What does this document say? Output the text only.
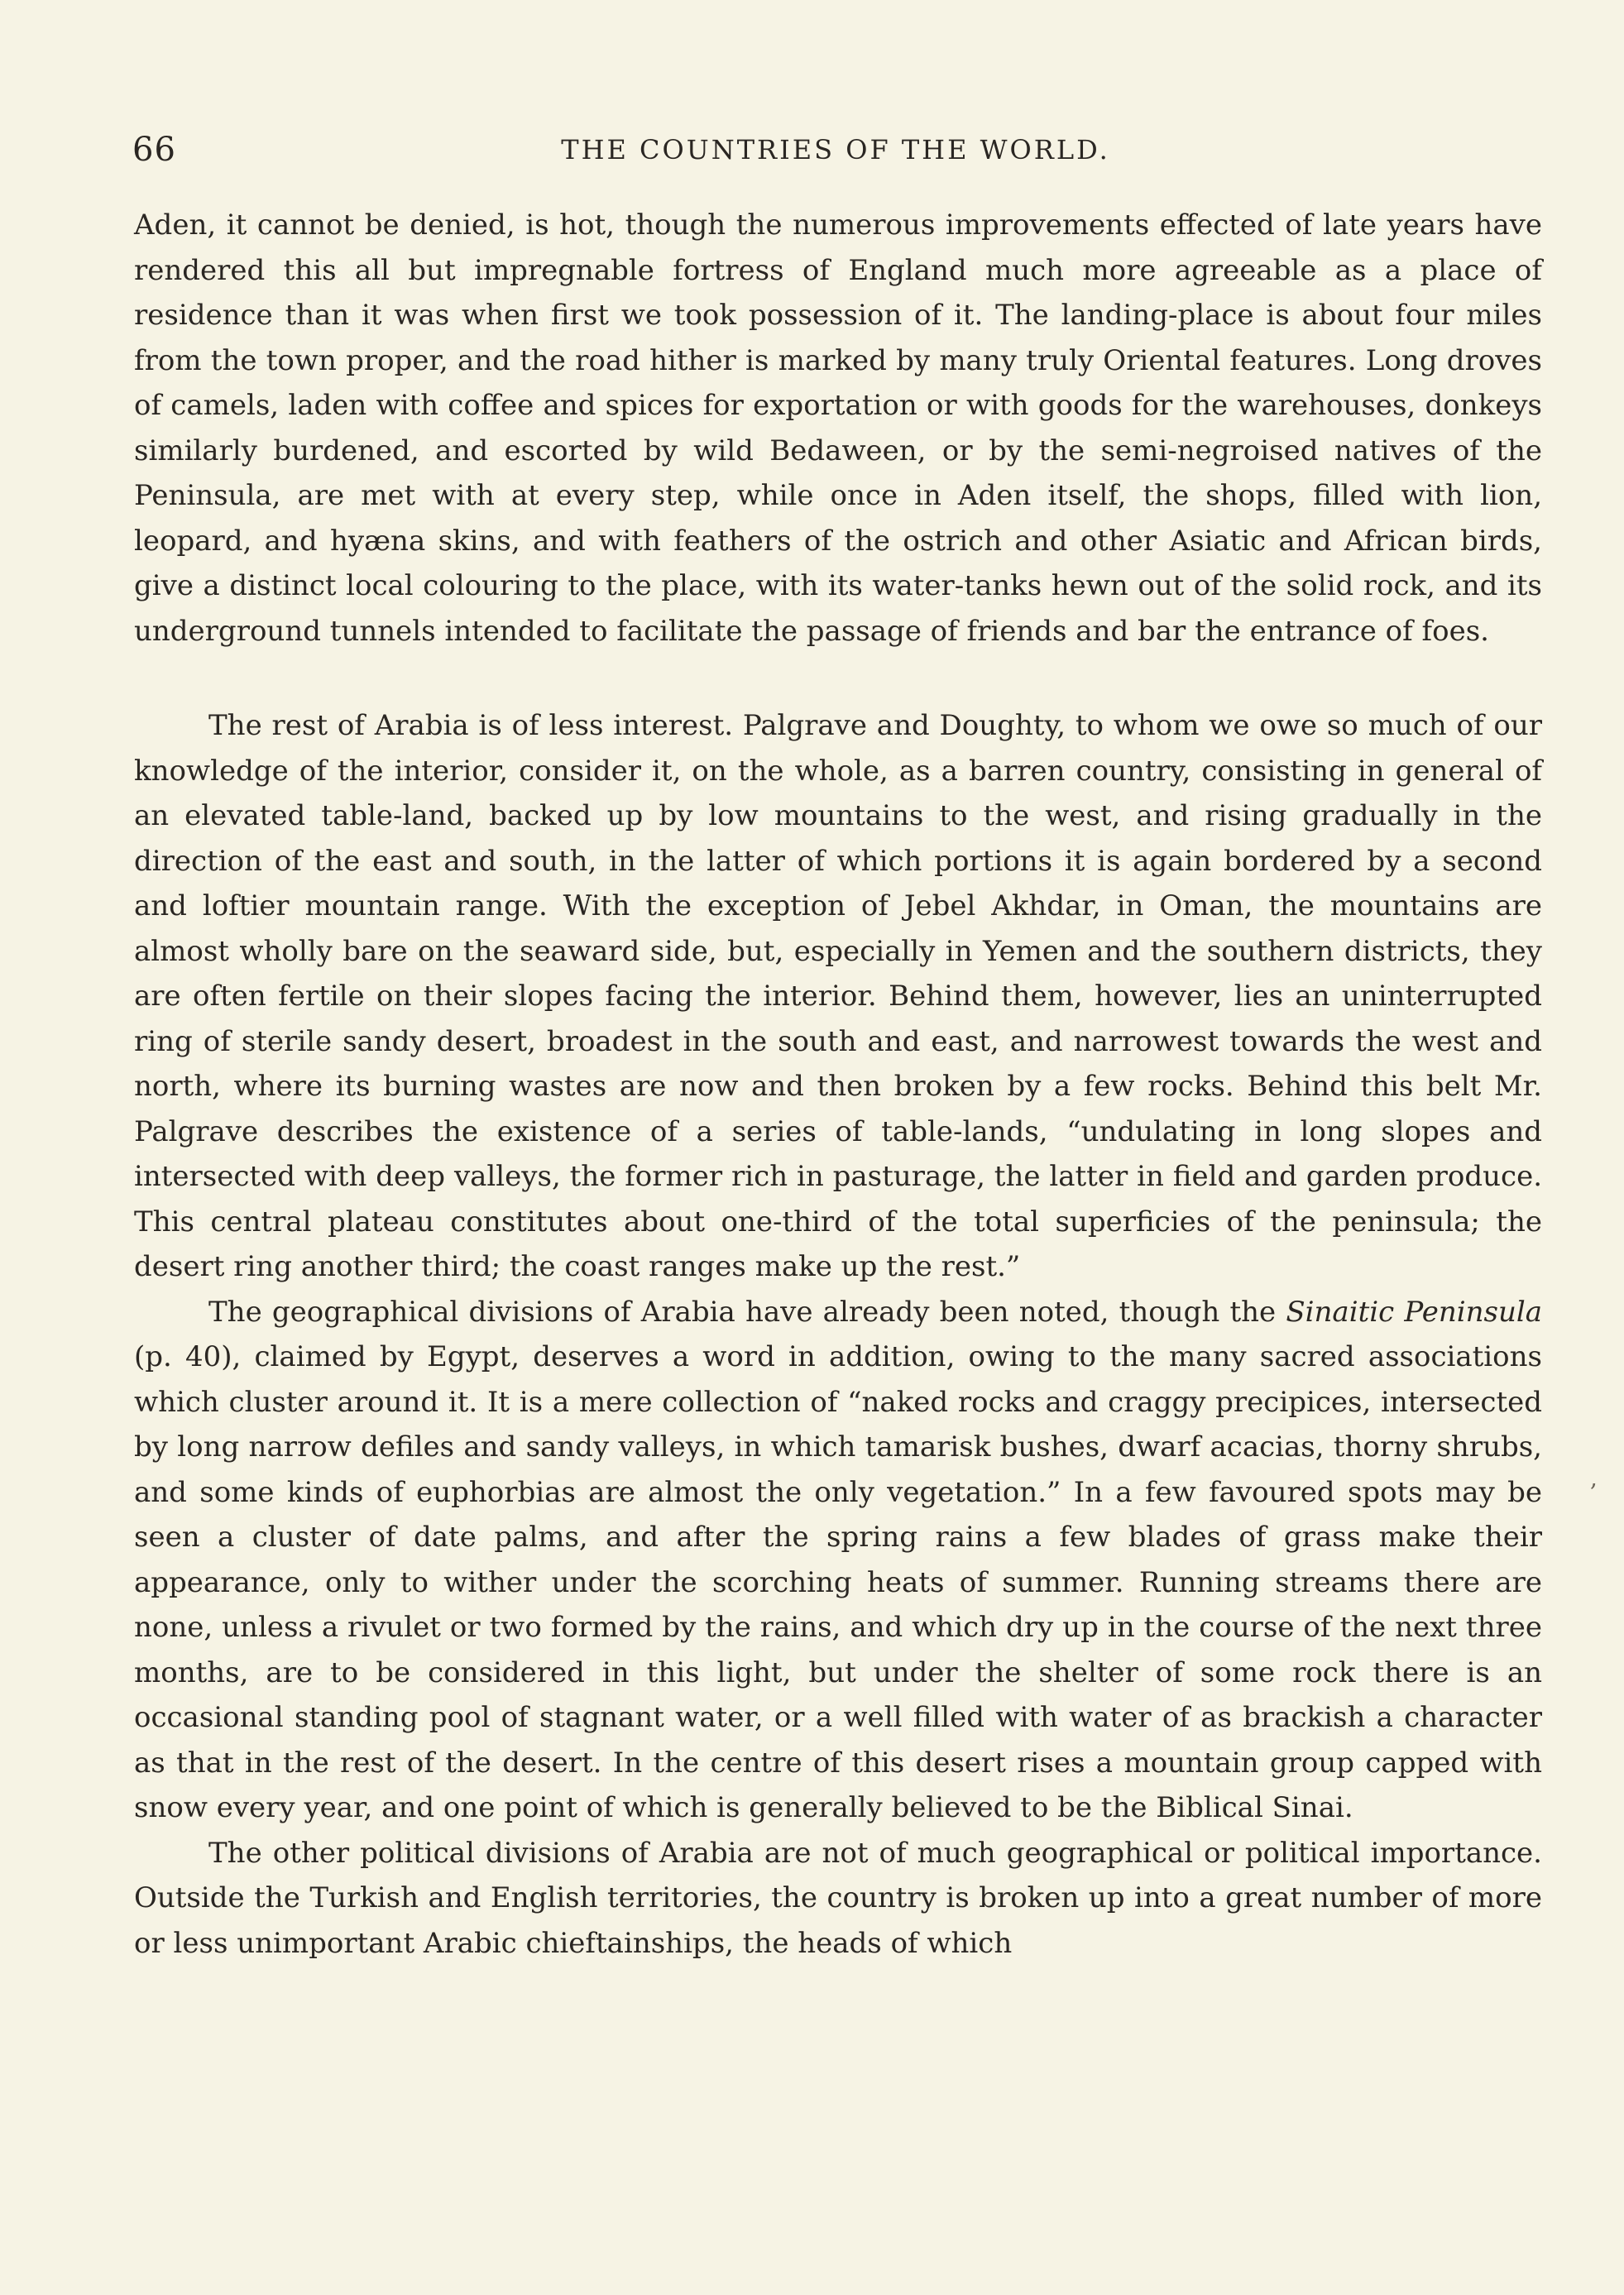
66	THE COUNTRIES OF THE WORLD.

Aden, it cannot be denied, is hot, though the numerous improvements effected of late years have rendered this all but impregnable fortress of England much more agreeable as a place of residence than it was when first we took possession of it. The landing-place is about four miles from the town proper, and the road hither is marked by many truly Oriental features. Long droves of camels, laden with coffee and spices for exportation or with goods for the warehouses, donkeys similarly burdened, and escorted by wild Bedaween, or by the semi-negroised natives of the Peninsula, are met with at every step, while once in Aden itself, the shops, filled with lion, leopard, and hyæna skins, and with feathers of the ostrich and other Asiatic and African birds, give a distinct local colouring to the place, with its water-tanks hewn out of the solid rock, and its underground tunnels intended to facilitate the passage of friends and bar the entrance of foes.

The rest of Arabia is of less interest. Palgrave and Doughty, to whom we owe so much of our knowledge of the interior, consider it, on the whole, as a barren country, consisting in general of an elevated table-land, backed up by low mountains to the west, and rising gradually in the direction of the east and south, in the latter of which portions it is again bordered by a second and loftier mountain range. With the exception of Jebel Akhdar, in Oman, the mountains are almost wholly bare on the seaward side, but, especially in Yemen and the southern districts, they are often fertile on their slopes facing the interior. Behind them, however, lies an uninterrupted ring of sterile sandy desert, broadest in the south and east, and narrowest towards the west and north, where its burning wastes are now and then broken by a few rocks. Behind this belt Mr. Palgrave describes the existence of a series of table-lands, “undulating in long slopes and intersected with deep valleys, the former rich in pasturage, the latter in field and garden produce. This central plateau constitutes about one-third of the total superficies of the peninsula; the desert ring another third; the coast ranges make up the rest.”

The geographical divisions of Arabia have already been noted, though the Sinaitic Peninsula (p. 40), claimed by Egypt, deserves a word in addition, owing to the many sacred associations which cluster around it. It is a mere collection of “naked rocks and craggy precipices, intersected by long narrow defiles and sandy valleys, in which tamarisk bushes, dwarf acacias, thorny shrubs, and some kinds of euphorbias are almost the only vegetation.” In a few favoured spots may be seen a cluster of date palms, and after the spring rains a few blades of grass make their appearance, only to wither under the scorching heats of summer. Running streams there are none, unless a rivulet or two formed by the rains, and which dry up in the course of the next three months, are to be considered in this light, but under the shelter of some rock there is an occasional standing pool of stagnant water, or a well filled with water of as brackish a character as that in the rest of the desert. In the centre of this desert rises a mountain group capped with snow every year, and one point of which is generally believed to be the Biblical Sinai.

The other political divisions of Arabia are not of much geographical or political importance. Outside the Turkish and English territories, the country is broken up into a great number of more or less unimportant Arabic chieftainships, the heads of which

,
